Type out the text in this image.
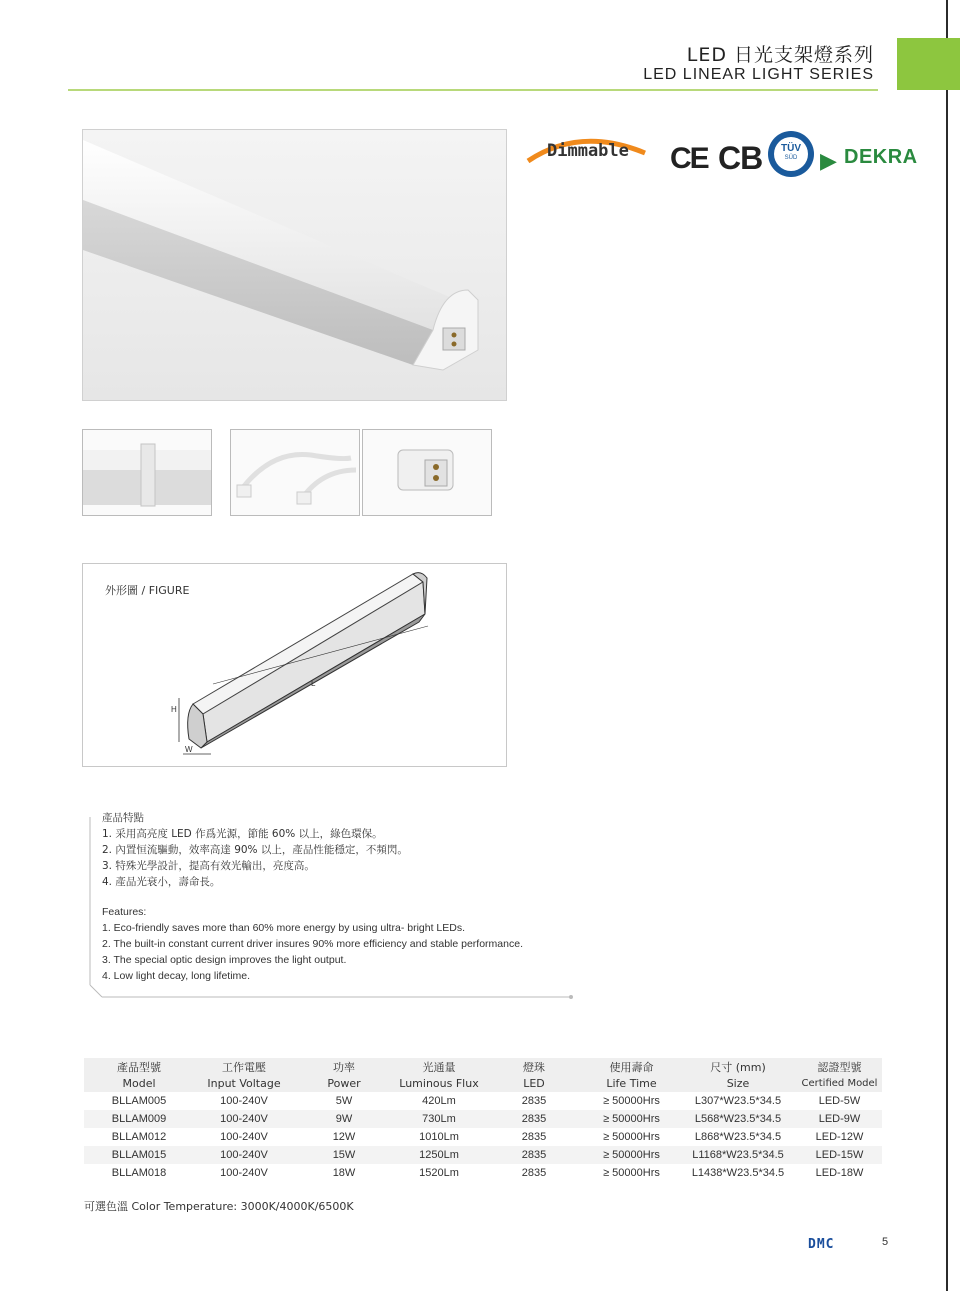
LED 日光支架燈系列
LED LINEAR LIGHT SERIES
Dimmable CE CB	TÜV
SÜD	▶ DEKRA
外形圖 / FIGURE
H
W
L
產品特點
1. 采用高亮度 LED 作爲光源，節能 60% 以上，綠色環保。
2. 內置恒流驅動，效率高達 90% 以上，產品性能穩定，不頻閃。
3. 特殊光學設計，提高有效光輸出，亮度高。
4. 產品光衰小，壽命長。
Features:
1. Eco-friendly saves more than 60% more energy by using ultra- bright LEDs.
2. The built-in constant current driver insures 90% more efficiency and stable performance.
3. The special optic design improves the light output.
4. Low light decay, long lifetime.
產品型號	工作電壓	功率	光通量	燈珠	使用壽命	尺寸 (mm)	認證型號
Model	Input Voltage	Power	Luminous Flux	LED	Life Time	Size	Certified Model
BLLAM005	100-240V	5W	420Lm	2835	≥ 50000Hrs	L307*W23.5*34.5	LED-5W
BLLAM009	100-240V	9W	730Lm	2835	≥ 50000Hrs	L568*W23.5*34.5	LED-9W
BLLAM012	100-240V	12W	1010Lm	2835	≥ 50000Hrs	L868*W23.5*34.5	LED-12W
BLLAM015	100-240V	15W	1250Lm	2835	≥ 50000Hrs	L1168*W23.5*34.5	LED-15W
BLLAM018	100-240V	18W	1520Lm	2835	≥ 50000Hrs	L1438*W23.5*34.5	LED-18W
可選色溫 Color Temperature: 3000K/4000K/6500K
DMC	5
